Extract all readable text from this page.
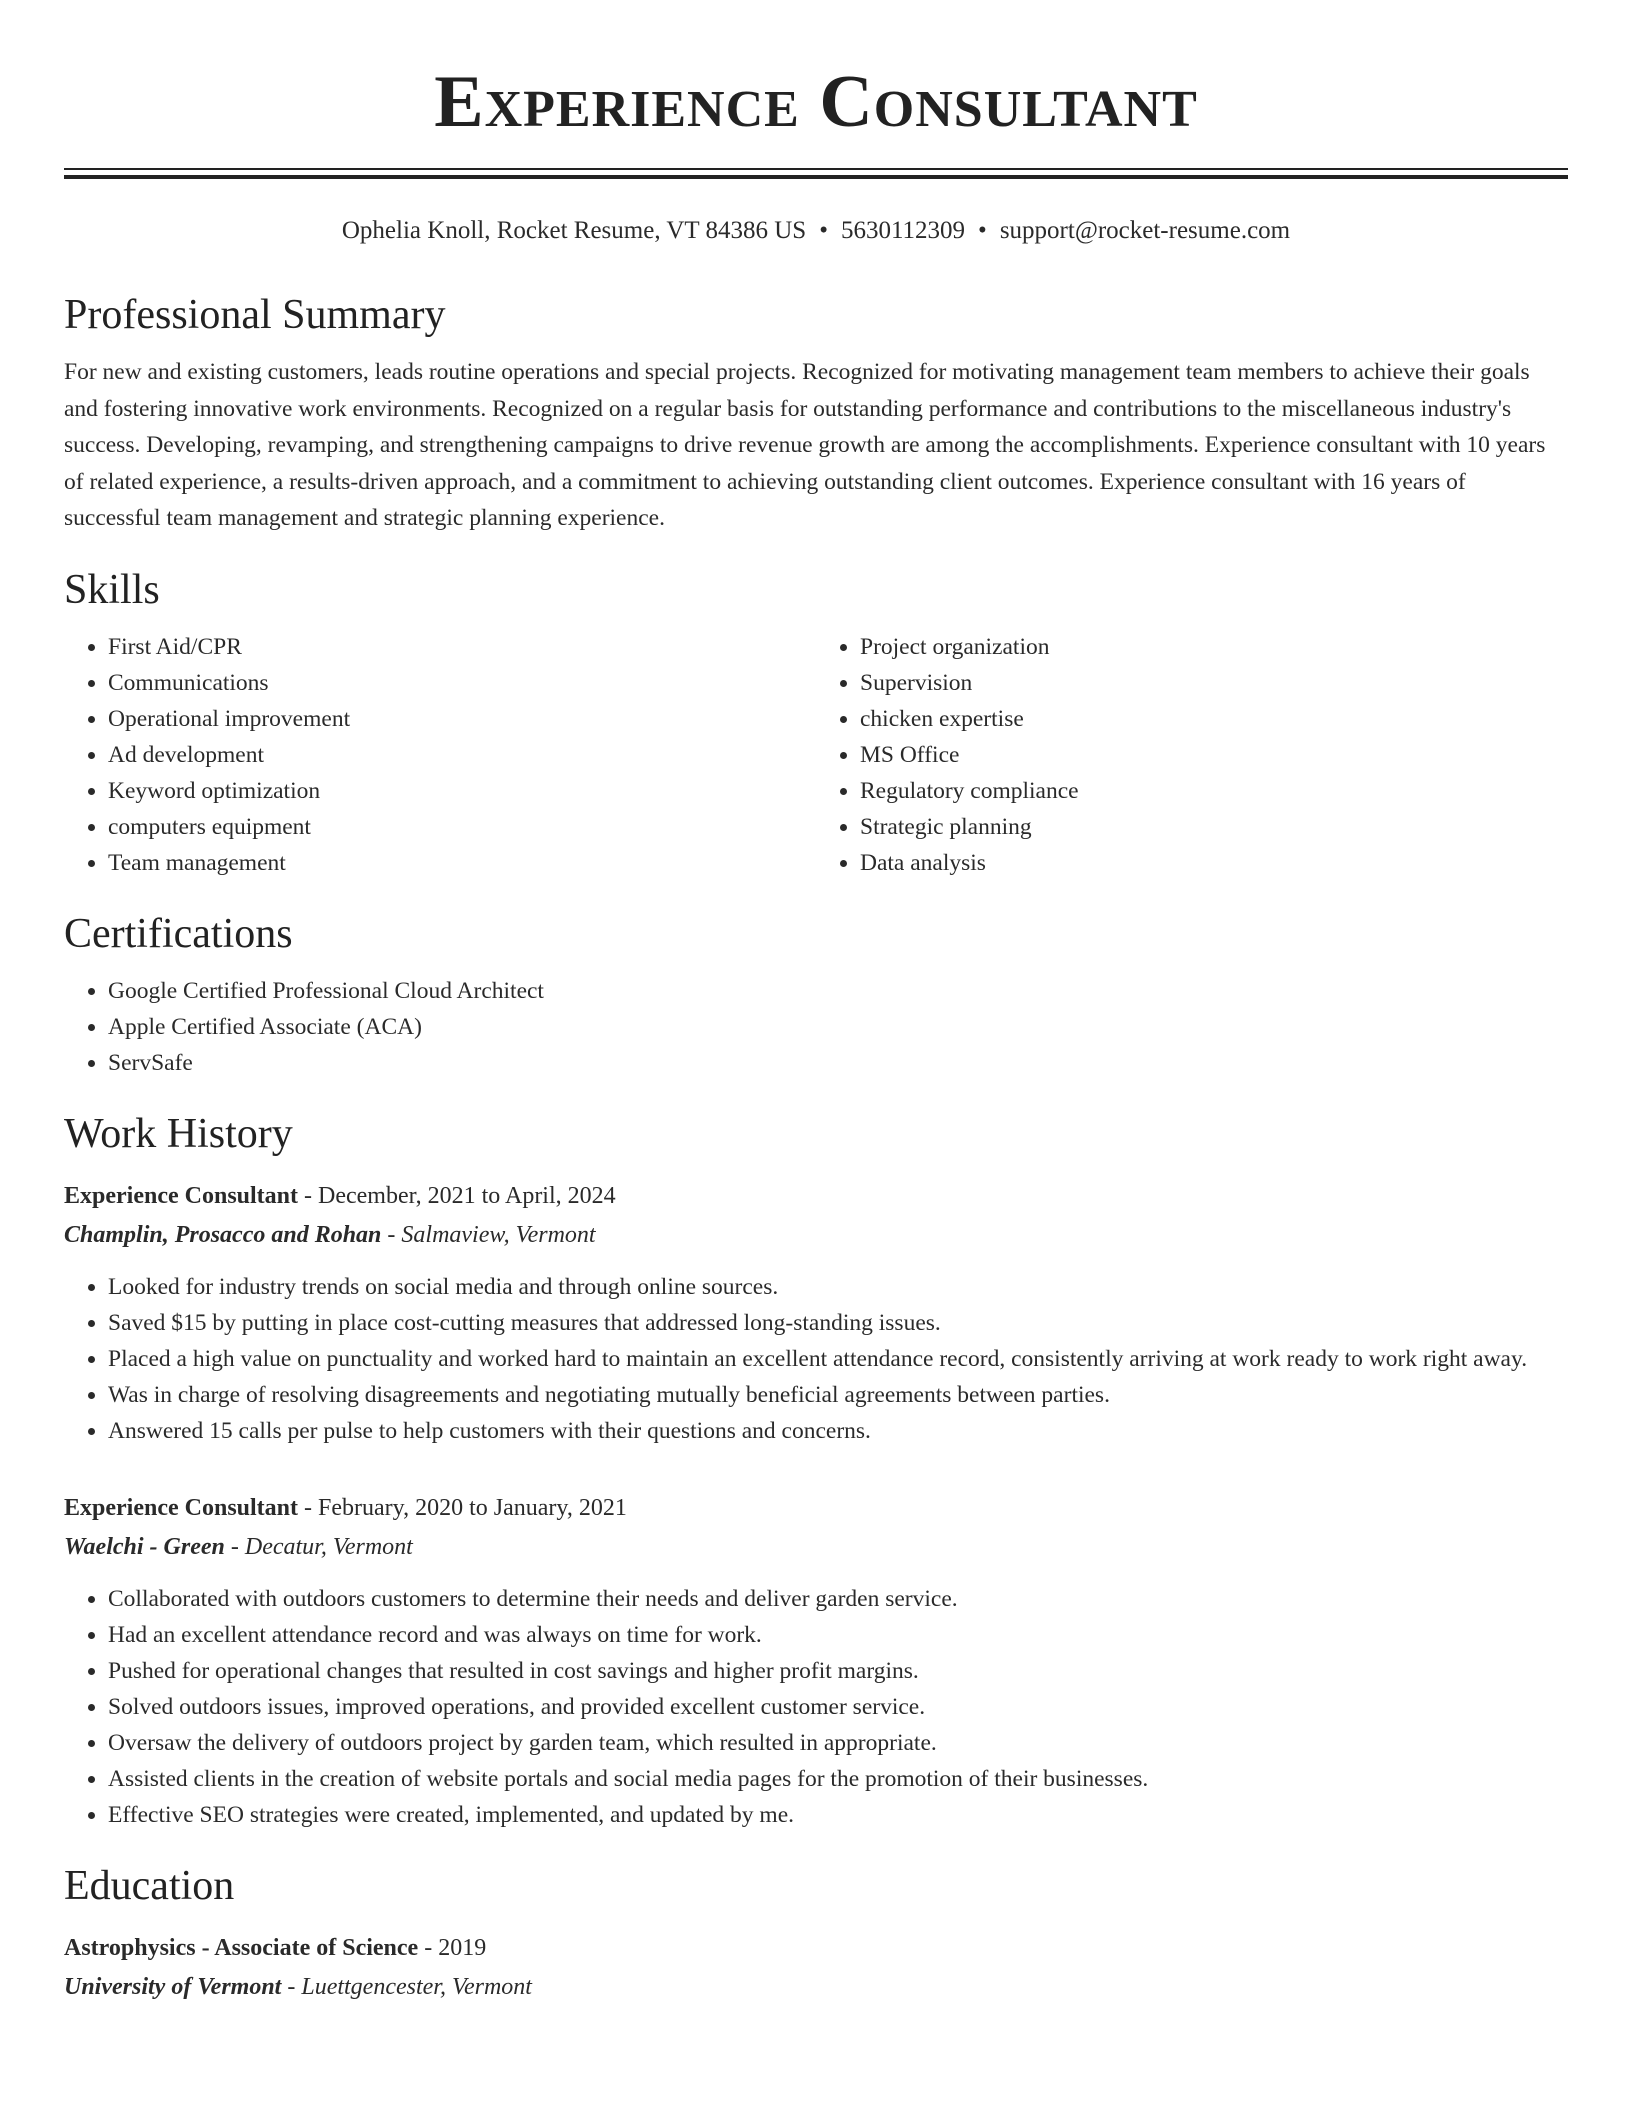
Experience Consultant
Ophelia Knoll, Rocket Resume, VT 84386 US • 5630112309 • support@rocket-resume.com
Professional Summary

For new and existing customers, leads routine operations and special projects. Recognized for motivating management team members to achieve their goals and fostering innovative work environments. Recognized on a regular basis for outstanding performance and contributions to the miscellaneous industry's success. Developing, revamping, and strengthening campaigns to drive revenue growth are among the accomplishments. Experience consultant with 10 years of related experience, a results-driven approach, and a commitment to achieving outstanding client outcomes. Experience consultant with 16 years of successful team management and strategic planning experience.

Skills
• First Aid/CPR
• Communications
• Operational improvement
• Ad development
• Keyword optimization
• computers equipment
• Team management
• Project organization
• Supervision
• chicken expertise
• MS Office
• Regulatory compliance
• Strategic planning
• Data analysis
Certifications
• Google Certified Professional Cloud Architect
• Apple Certified Associate (ACA)
• ServSafe
Work History
Experience Consultant - December, 2021 to April, 2024
Champlin, Prosacco and Rohan - Salmaview, Vermont
• Looked for industry trends on social media and through online sources.
• Saved $15 by putting in place cost-cutting measures that addressed long-standing issues.
• Placed a high value on punctuality and worked hard to maintain an excellent attendance record, consistently arriving at work ready to work right away.
• Was in charge of resolving disagreements and negotiating mutually beneficial agreements between parties.
• Answered 15 calls per pulse to help customers with their questions and concerns.
Experience Consultant - February, 2020 to January, 2021
Waelchi - Green - Decatur, Vermont
• Collaborated with outdoors customers to determine their needs and deliver garden service.
• Had an excellent attendance record and was always on time for work.
• Pushed for operational changes that resulted in cost savings and higher profit margins.
• Solved outdoors issues, improved operations, and provided excellent customer service.
• Oversaw the delivery of outdoors project by garden team, which resulted in appropriate.
• Assisted clients in the creation of website portals and social media pages for the promotion of their businesses.
• Effective SEO strategies were created, implemented, and updated by me.
Education
Astrophysics - Associate of Science - 2019
University of Vermont - Luettgencester, Vermont
